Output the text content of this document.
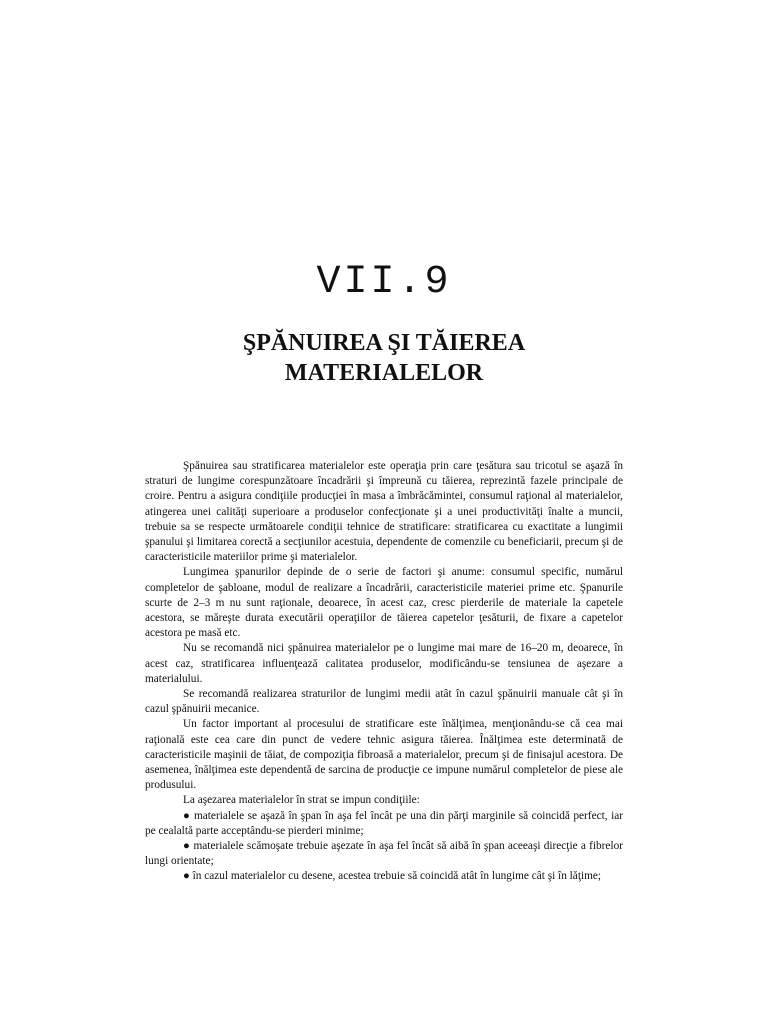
VII.9
ŞPĂNUIREA ŞI TĂIEREA
MATERIALELOR

Şpănuirea sau stratificarea materialelor este operaţia prin care ţesătura sau tricotul se aşază în straturi de lungime corespunzătoare încadrării şi împreună cu tăierea, reprezintă fazele principale de croire. Pentru a asigura condiţiile producţiei în masa a îmbrăcămintei, consumul raţional al materialelor, atingerea unei calităţi superioare a produselor confecţionate şi a unei productivităţi înalte a muncii, trebuie sa se respecte următoarele condiţii tehnice de stratificare: stratificarea cu exactitate a lungimii şpanului şi limitarea corectă a secţiunilor acestuia, dependente de comenzile cu beneficiarii, precum şi de caracteristicile materiilor prime şi materialelor.

Lungimea şpanurilor depinde de o serie de factori şi anume: consumul specific, numărul completelor de şabloane, modul de realizare a încadrării, caracteristicile materiei prime etc. Şpanurile scurte de 2–3 m nu sunt raţionale, deoarece, în acest caz, cresc pierderile de materiale la capetele acestora, se măreşte durata executării operaţiilor de tăierea capetelor ţesăturii, de fixare a capetelor acestora pe masă etc.

Nu se recomandă nici şpănuirea materialelor pe o lungime mai mare de 16–20 m, deoarece, în acest caz, stratificarea influenţează calitatea produselor, modificându-se tensiunea de aşezare a materialului.

Se recomandă realizarea straturilor de lungimi medii atât în cazul şpănuirii manuale cât şi în cazul şpănuirii mecanice.

Un factor important al procesului de stratificare este înălţimea, menţionându-se că cea mai raţională este cea care din punct de vedere tehnic asigura tăierea. Înălţimea este determinată de caracteristicile maşinii de tăiat, de compoziţia fibroasă a materialelor, precum şi de finisajul acestora. De asemenea, înălţimea este dependentă de sarcina de producţie ce impune numărul completelor de piese ale produsului.

La aşezarea materialelor în strat se impun condiţiile:

● materialele se aşază în şpan în aşa fel încât pe una din părţi marginile să coincidă perfect, iar pe cealaltă parte acceptându-se pierderi minime;

● materialele scămoşate trebuie aşezate în aşa fel încât să aibă în şpan aceeaşi direcţie a fibrelor lungi orientate;

● în cazul materialelor cu desene, acestea trebuie să coincidă atât în lungime cât şi în lăţime;
